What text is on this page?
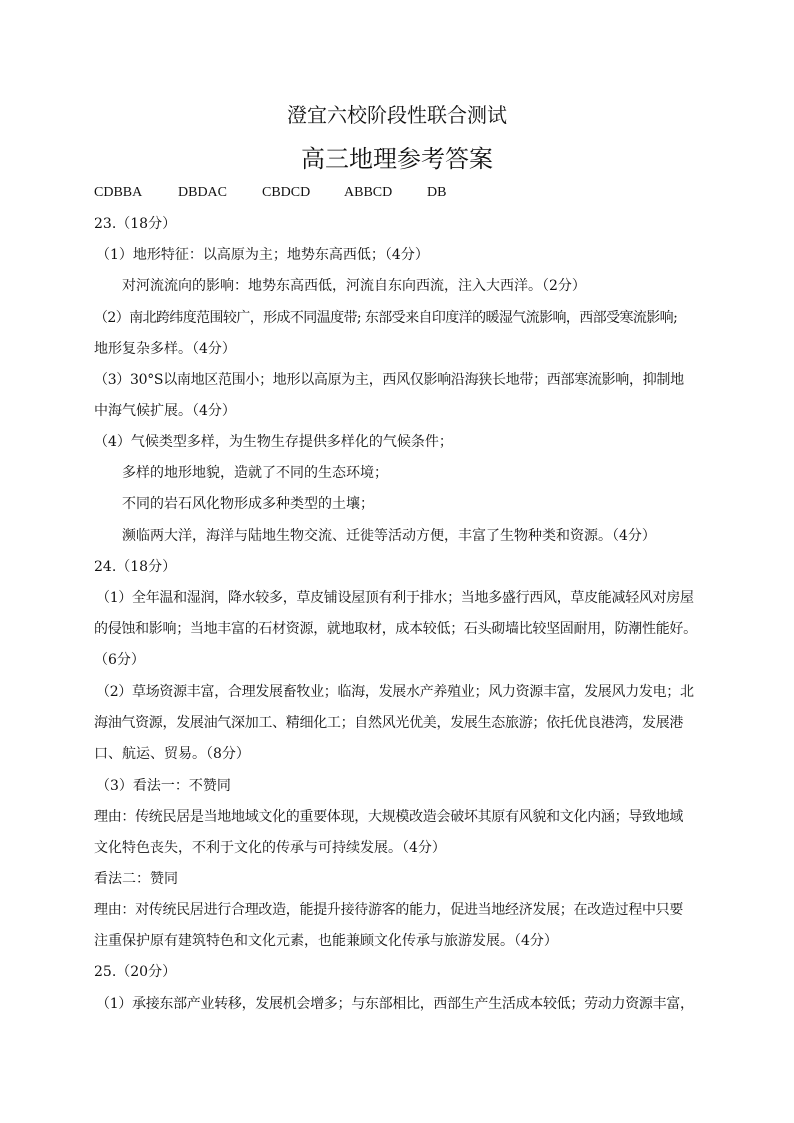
澄宜六校阶段性联合测试
高三地理参考答案
CDBBA	DBDAC CBDCD ABBCD DB
23.（18分）
（1）地形特征：以高原为主；地势东高西低；（4分）
对河流流向的影响：地势东高西低，河流自东向西流，注入大西洋。（2分）
（2）南北跨纬度范围较广，形成不同温度带; 东部受来自印度洋的暖湿气流影响，西部受寒流影响;
地形复杂多样。（4分）
（3）30°S以南地区范围小；地形以高原为主，西风仅影响沿海狭长地带；西部寒流影响，抑制地
中海气候扩展。（4分）
（4）气候类型多样，为生物生存提供多样化的气候条件；
多样的地形地貌，造就了不同的生态环境；
不同的岩石风化物形成多种类型的土壤；
濒临两大洋，海洋与陆地生物交流、迁徙等活动方便，丰富了生物种类和资源。（4分）
24.（18分）
（1）全年温和湿润，降水较多，草皮铺设屋顶有利于排水；当地多盛行西风，草皮能减轻风对房屋
的侵蚀和影响；当地丰富的石材资源，就地取材，成本较低；石头砌墙比较坚固耐用，防潮性能好。
（6分）
（2）草场资源丰富，合理发展畜牧业；临海，发展水产养殖业；风力资源丰富，发展风力发电；北
海油气资源，发展油气深加工、精细化工；自然风光优美，发展生态旅游；依托优良港湾，发展港
口、航运、贸易。（8分）
（3）看法一：不赞同
理由：传统民居是当地地域文化的重要体现，大规模改造会破坏其原有风貌和文化内涵；导致地域
文化特色丧失，不利于文化的传承与可持续发展。（4分）
看法二：赞同
理由：对传统民居进行合理改造，能提升接待游客的能力，促进当地经济发展；在改造过程中只要
注重保护原有建筑特色和文化元素，也能兼顾文化传承与旅游发展。（4分）
25.（20分）
（1）承接东部产业转移，发展机会增多；与东部相比，西部生产生活成本较低；劳动力资源丰富，
